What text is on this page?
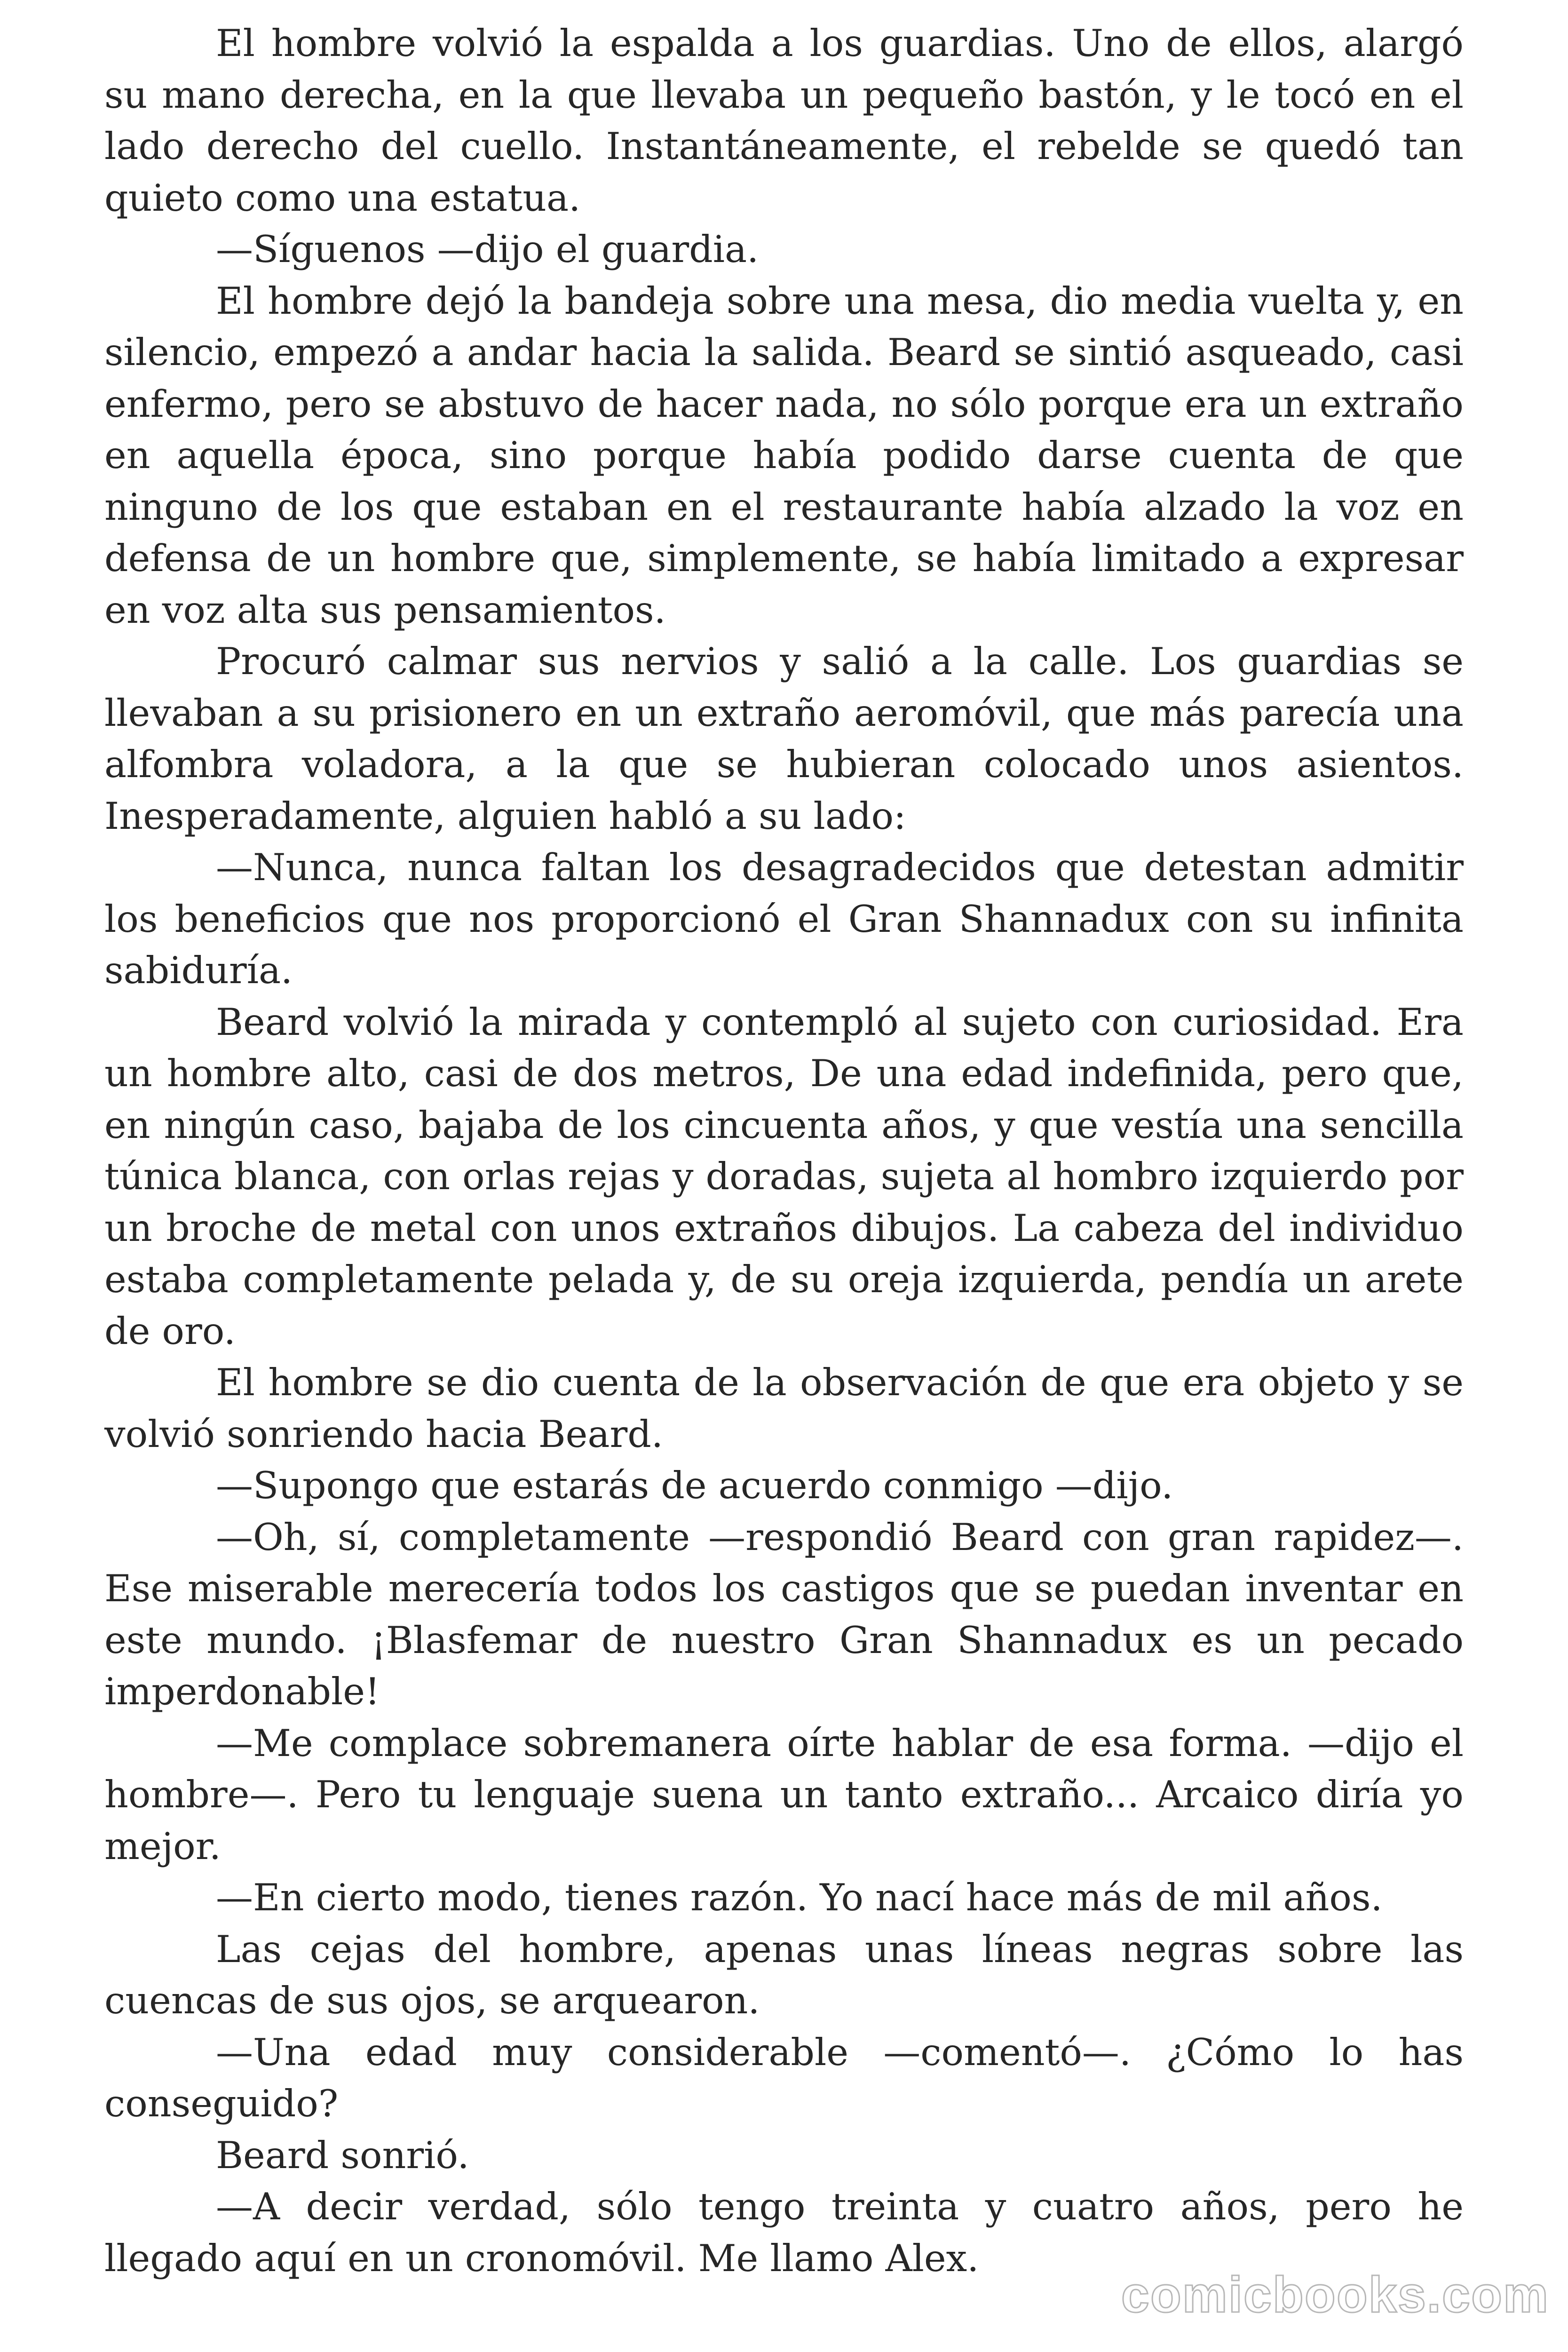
El hombre volvió la espalda a los guardias. Uno de ellos, alargó su mano derecha, en la que llevaba un pequeño bastón, y le tocó en el lado derecho del cuello. Instantáneamente, el rebelde se quedó tan quieto como una estatua.

—Síguenos —dijo el guardia.

El hombre dejó la bandeja sobre una mesa, dio media vuelta y, en silencio, empezó a andar hacia la salida. Beard se sintió asqueado, casi enfermo, pero se abstuvo de hacer nada, no sólo porque era un extraño en aquella época, sino porque había podido darse cuenta de que ninguno de los que estaban en el restaurante había alzado la voz en defensa de un hombre que, simplemente, se había limitado a expresar en voz alta sus pensamientos.

Procuró calmar sus nervios y salió a la calle. Los guardias se llevaban a su prisionero en un extraño aeromóvil, que más parecía una alfombra voladora, a la que se hubieran colocado unos asientos. Inesperadamente, alguien habló a su lado:

—Nunca, nunca faltan los desagradecidos que detestan admitir los beneficios que nos proporcionó el Gran Shannadux con su infinita sabiduría.

Beard volvió la mirada y contempló al sujeto con curiosidad. Era un hombre alto, casi de dos metros, De una edad indefinida, pero que, en ningún caso, bajaba de los cincuenta años, y que vestía una sencilla túnica blanca, con orlas rejas y doradas, sujeta al hombro izquierdo por un broche de metal con unos extraños dibujos. La cabeza del individuo estaba completamente pelada y, de su oreja izquierda, pendía un arete de oro.

El hombre se dio cuenta de la observación de que era objeto y se volvió sonriendo hacia Beard.

—Supongo que estarás de acuerdo conmigo —dijo.

—Oh, sí, completamente —respondió Beard con gran rapidez—. Ese miserable merecería todos los castigos que se puedan inventar en este mundo. ¡Blasfemar de nuestro Gran Shannadux es un pecado imperdonable!

—Me complace sobremanera oírte hablar de esa forma. —dijo el hombre—. Pero tu lenguaje suena un tanto extraño... Arcaico diría yo mejor.

—En cierto modo, tienes razón. Yo nací hace más de mil años.

Las cejas del hombre, apenas unas líneas negras sobre las cuencas de sus ojos, se arquearon.

—Una edad muy considerable —comentó—. ¿Cómo lo has conseguido?

Beard sonrió.

—A decir verdad, sólo tengo treinta y cuatro años, pero he llegado aquí en un cronomóvil. Me llamo Alex.

comicbooks.com
